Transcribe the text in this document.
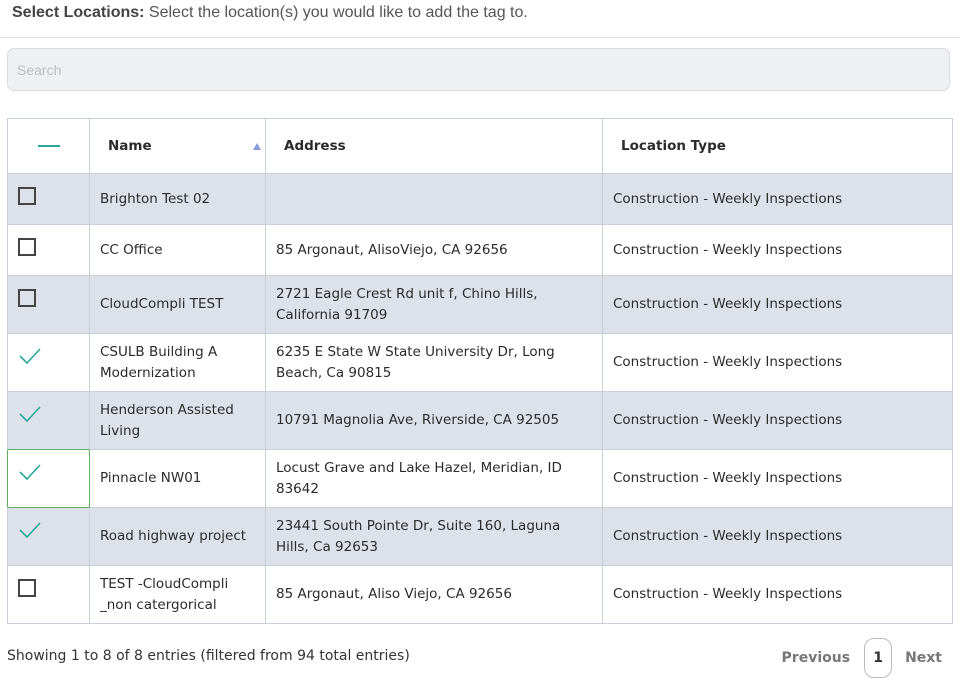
Select Locations: Select the location(s) you would like to add the tag to.
Search
	Name	Address	Location Type
	Brighton Test 02		Construction - Weekly Inspections
	CC Office	85 Argonaut, AlisoViejo, CA 92656	Construction - Weekly Inspections
	CloudCompli TEST	2721 Eagle Crest Rd unit f, Chino Hills, California 91709	Construction - Weekly Inspections
	CSULB Building A Modernization	6235 E State W State University Dr, Long Beach, Ca 90815	Construction - Weekly Inspections
	Henderson Assisted Living	10791 Magnolia Ave, Riverside, CA 92505	Construction - Weekly Inspections

	Pinnacle NW01	Locust Grave and Lake Hazel, Meridian, ID 83642	Construction - Weekly Inspections
	Road highway project	23441 South Pointe Dr, Suite 160, Laguna Hills, Ca 92653	Construction - Weekly Inspections
	TEST -CloudCompli _non catergorical	85 Argonaut, Aliso Viejo, CA 92656	Construction - Weekly Inspections
Showing 1 to 8 of 8 entries (filtered from 94 total entries)	Previous	1	Next
